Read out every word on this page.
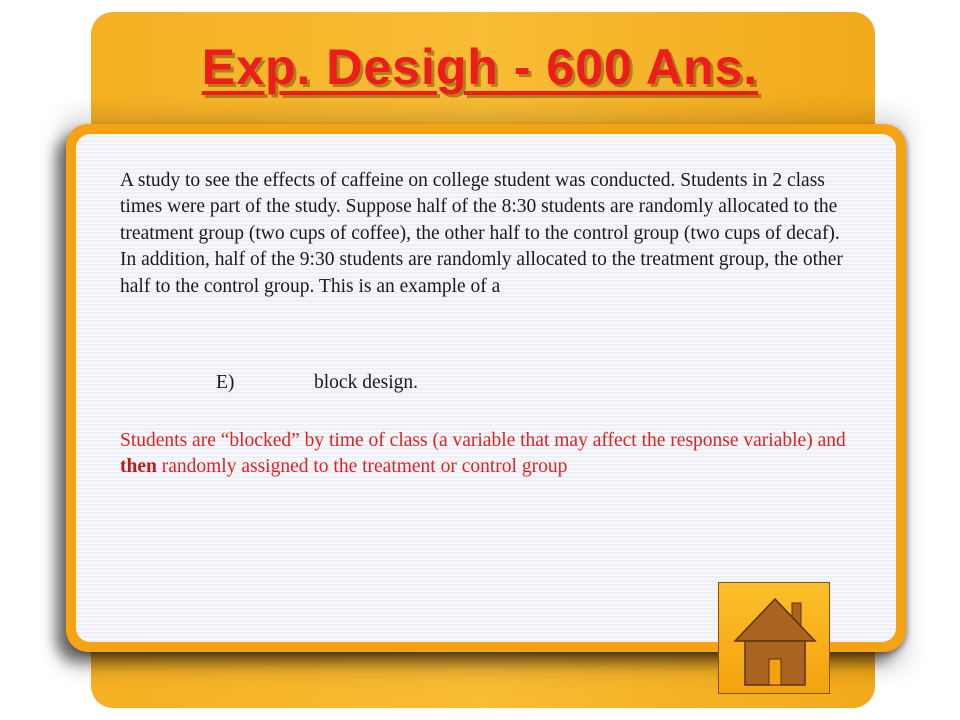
Exp. Desigh - 600 Ans.
A study to see the effects of caffeine on college student was conducted. Students in 2 class times were part of the study. Suppose half of the 8:30 students are randomly allocated to the treatment group (two cups of coffee), the other half to the control group (two cups of decaf). In addition, half of the 9:30 students are randomly allocated to the treatment group, the other half to the control group. This is an example of a
E)	block design.
Students are “blocked” by time of class (a variable that may affect the response variable) and then randomly assigned to the treatment or control group
